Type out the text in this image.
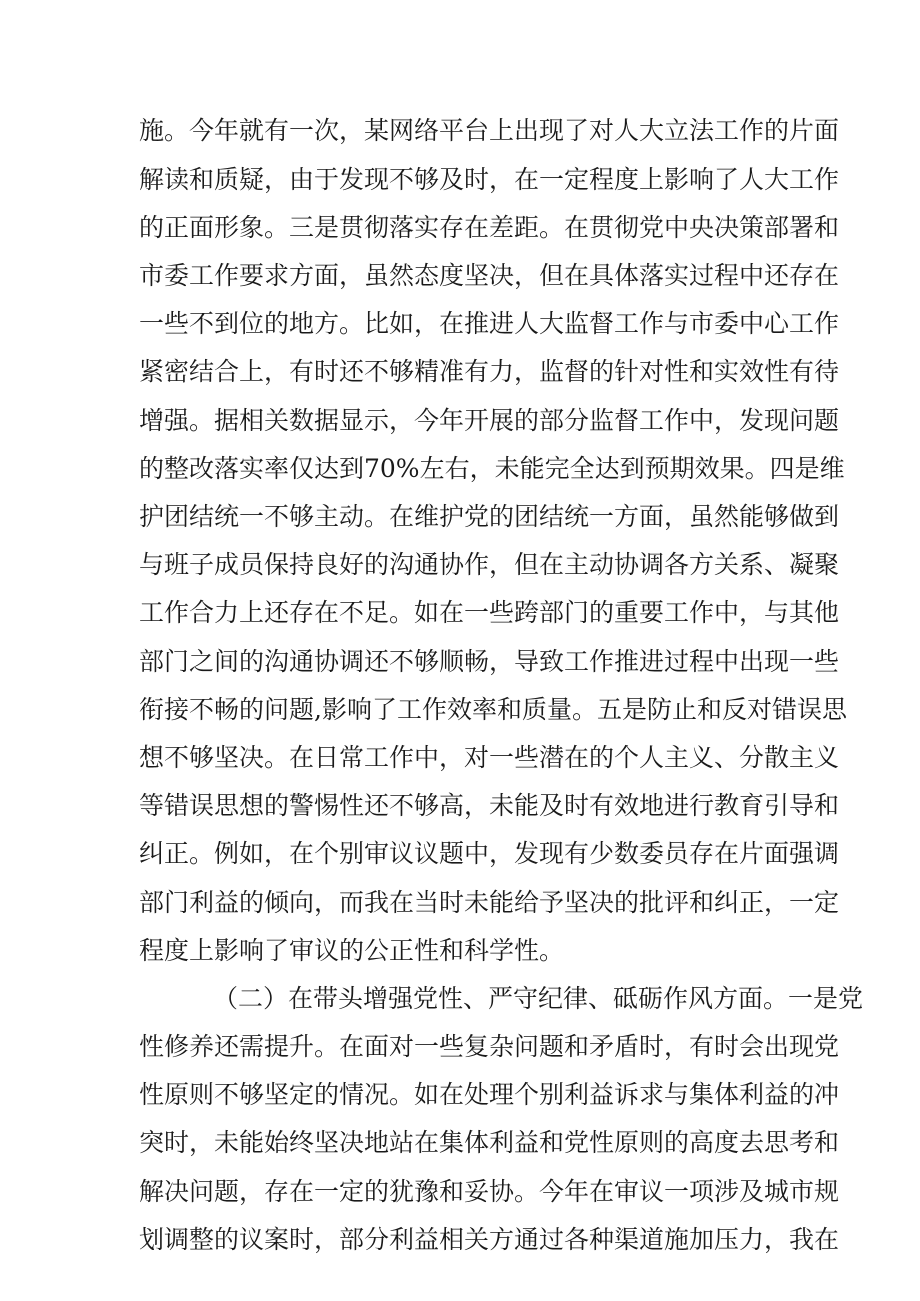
施。今年就有一次，某网络平台上出现了对人大立法工作的片面
解读和质疑，由于发现不够及时，在一定程度上影响了人大工作
的正面形象。三是贯彻落实存在差距。在贯彻党中央决策部署和
市委工作要求方面，虽然态度坚决，但在具体落实过程中还存在
一些不到位的地方。比如，在推进人大监督工作与市委中心工作
紧密结合上，有时还不够精准有力，监督的针对性和实效性有待
增强。据相关数据显示，今年开展的部分监督工作中，发现问题
的整改落实率仅达到70%左右，未能完全达到预期效果。四是维
护团结统一不够主动。在维护党的团结统一方面，虽然能够做到
与班子成员保持良好的沟通协作，但在主动协调各方关系、凝聚
工作合力上还存在不足。如在一些跨部门的重要工作中，与其他
部门之间的沟通协调还不够顺畅，导致工作推进过程中出现一些
衔接不畅的问题,影响了工作效率和质量。五是防止和反对错误思
想不够坚决。在日常工作中，对一些潜在的个人主义、分散主义
等错误思想的警惕性还不够高，未能及时有效地进行教育引导和
纠正。例如，在个别审议议题中，发现有少数委员存在片面强调
部门利益的倾向，而我在当时未能给予坚决的批评和纠正，一定
程度上影响了审议的公正性和科学性。
（二）在带头增强党性、严守纪律、砥砺作风方面。一是党
性修养还需提升。在面对一些复杂问题和矛盾时，有时会出现党
性原则不够坚定的情况。如在处理个别利益诉求与集体利益的冲
突时，未能始终坚决地站在集体利益和党性原则的高度去思考和
解决问题，存在一定的犹豫和妥协。今年在审议一项涉及城市规
划调整的议案时，部分利益相关方通过各种渠道施加压力，我在
